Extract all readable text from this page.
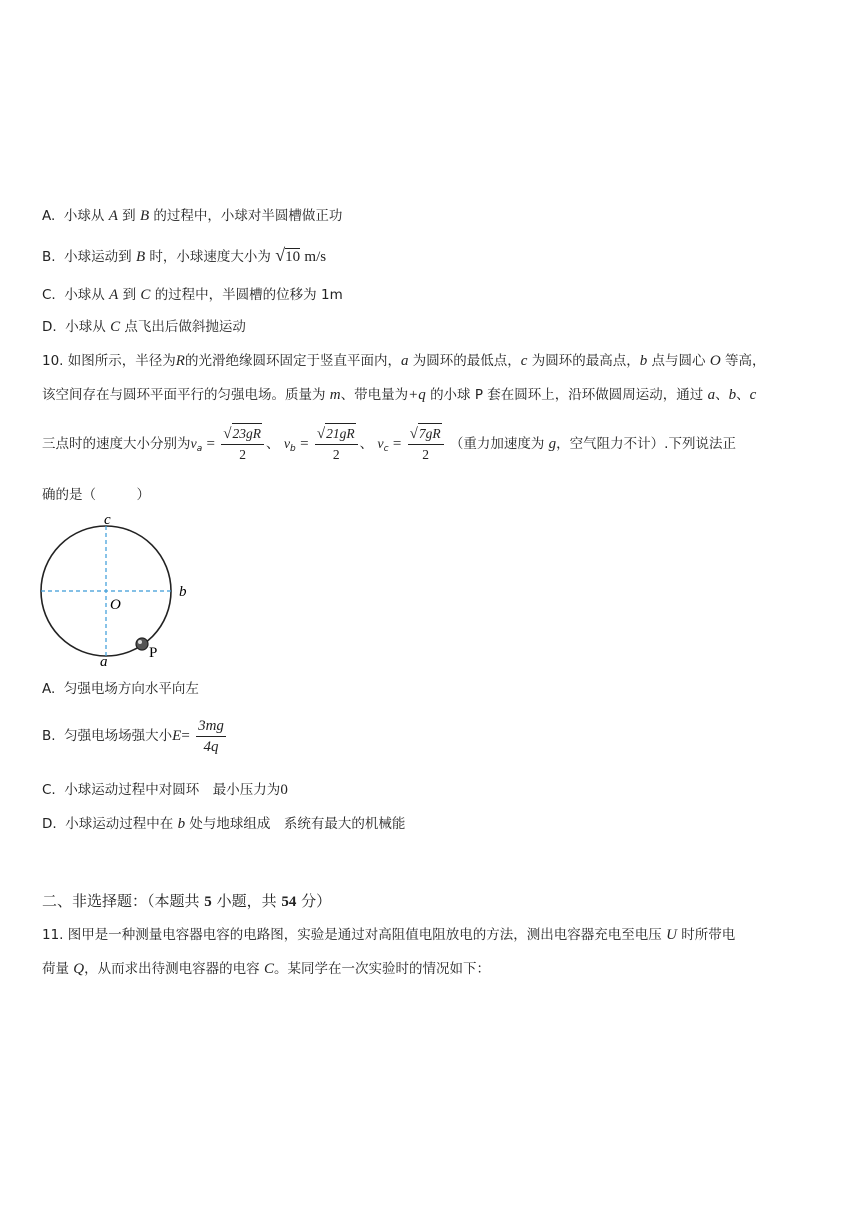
A. 小球从 A 到 B 的过程中，小球对半圆槽做正功
B. 小球运动到 B 时，小球速度大小为 √10 m/s
C. 小球从 A 到 C 的过程中，半圆槽的位移为 1m
D. 小球从 C 点飞出后做斜抛运动
10. 如图所示，半径为R的光滑绝缘圆环固定于竖直平面内，a 为圆环的最低点，c 为圆环的最高点，b 点与圆心 O 等高，
该空间存在与圆环平面平行的匀强电场。质量为 m、带电量为+q 的小球 P 套在圆环上，沿环做圆周运动，通过 a、b、c
三点时的速度大小分别为$v_a = \frac{√23gR}{2}$ 、 $v_b = \frac{√21gR}{2}$ 、 $v_c = \frac{√7gR}{2}$ （重力加速度为 g，空气阻力不计）.下列说法正
确的是（　　　）
c
O
b
a
P
A. 匀强电场方向水平向左
B. 匀强电场场强大小$E= \frac{3mg}{4q}$
C. 小球运动过程中对圆环　最小压力为0
D. 小球运动过程中在 b 处与地球组成　系统有最大的机械能
二、非选择题：（本题共 5 小题，共 54 分）
11. 图甲是一种测量电容器电容的电路图，实验是通过对高阻值电阻放电的方法，测出电容器充电至电压 U 时所带电
荷量 Q，从而求出待测电容器的电容 C。某同学在一次实验时的情况如下：
